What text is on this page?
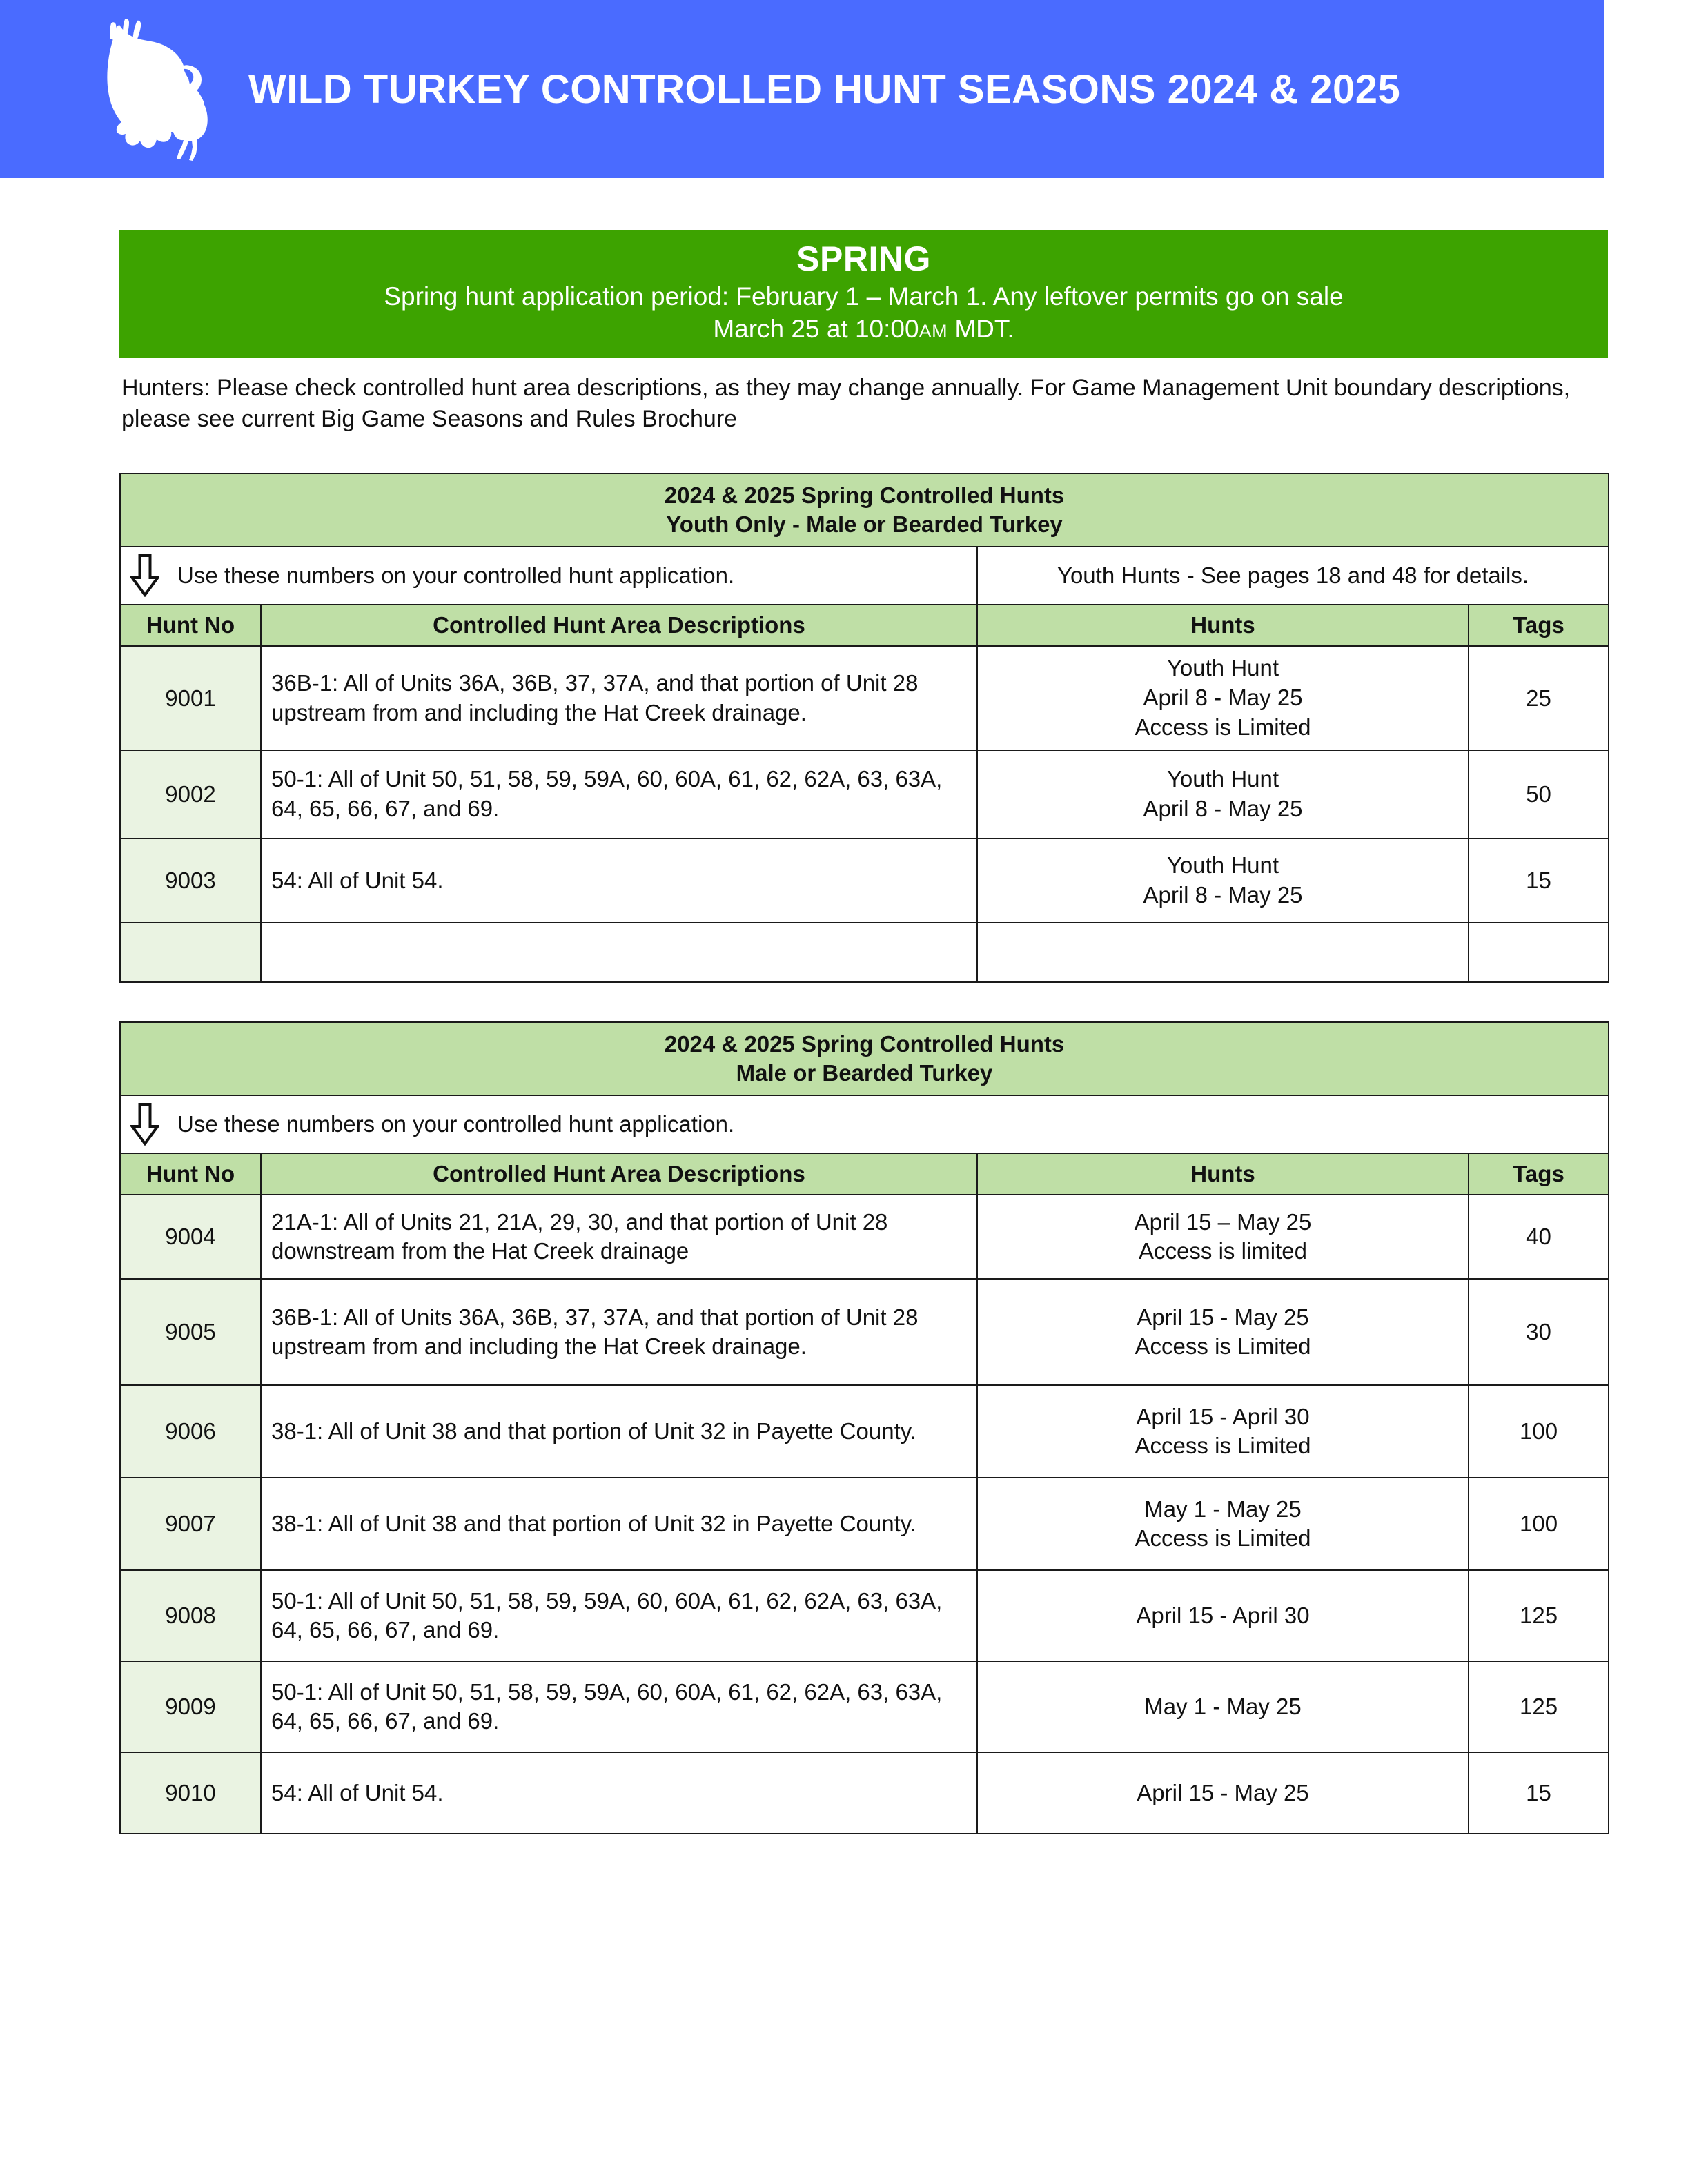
WILD TURKEY CONTROLLED HUNT SEASONS 2024 & 2025
SPRING
Spring hunt application period: February 1 – March 1. Any leftover permits go on sale
March 25 at 10:00AM MDT.
Hunters: Please check controlled hunt area descriptions, as they may change annually. For Game Management Unit boundary descriptions, please see current Big Game Seasons and Rules Brochure
2024 & 2025 Spring Controlled Hunts
Youth Only - Male or Bearded Turkey			

Use these numbers on your controlled hunt application.		Youth Hunts - See pages 18 and 48 for details.	
Hunt No	Controlled Hunt Area Descriptions	Hunts	Tags
9001	36B-1: All of Units 36A, 36B, 37, 37A, and that portion of Unit 28 upstream from and including the Hat Creek drainage.	Youth Hunt
April 8 - May 25
Access is Limited	25
9002	50-1: All of Unit 50, 51, 58, 59, 59A, 60, 60A, 61, 62, 62A, 63, 63A, 64, 65, 66, 67, and 69.	Youth Hunt
April 8 - May 25	50
9003	54: All of Unit 54.	Youth Hunt
April 8 - May 25	15

2024 & 2025 Spring Controlled Hunts
Male or Bearded Turkey			

Use these numbers on your controlled hunt application.			

Hunt No	Controlled Hunt Area Descriptions	Hunts	Tags
9004	21A-1: All of Units 21, 21A, 29, 30, and that portion of Unit 28 downstream from the Hat Creek drainage	April 15 – May 25
Access is limited	40
9005	36B-1: All of Units 36A, 36B, 37, 37A, and that portion of Unit 28 upstream from and including the Hat Creek drainage.	April 15 - May 25
Access is Limited	30
9006	38-1: All of Unit 38 and that portion of Unit 32 in Payette County.	April 15 - April 30
Access is Limited	100
9007	38-1: All of Unit 38 and that portion of Unit 32 in Payette County.	May 1 - May 25
Access is Limited	100
9008	50-1: All of Unit 50, 51, 58, 59, 59A, 60, 60A, 61, 62, 62A, 63, 63A, 64, 65, 66, 67, and 69.	April 15 - April 30	125
9009	50-1: All of Unit 50, 51, 58, 59, 59A, 60, 60A, 61, 62, 62A, 63, 63A, 64, 65, 66, 67, and 69.	May 1 - May 25	125
9010	54: All of Unit 54.	April 15 - May 25	15
